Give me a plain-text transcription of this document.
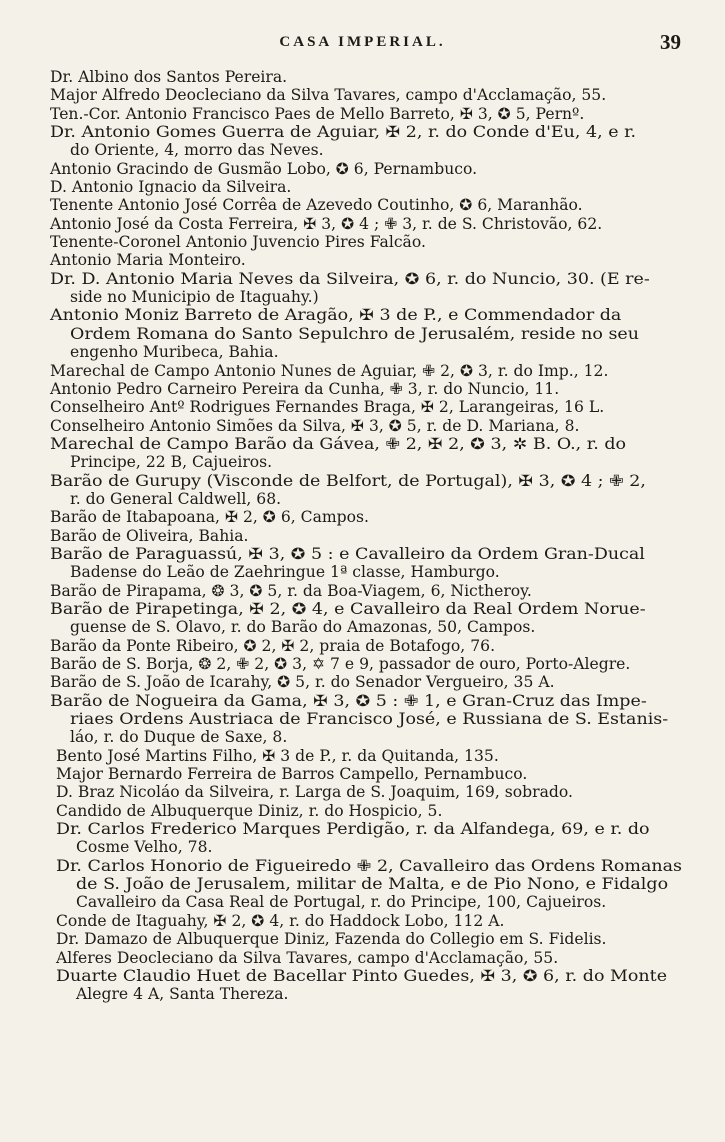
CASA IMPERIAL.	39
Dr. Albino dos Santos Pereira.
Major Alfredo Deocleciano da Silva Tavares, campo d'Acclamação, 55.
Ten.-Cor. Antonio Francisco Paes de Mello Barreto, ✠ 3, ✪ 5, Pernº.
Dr. Antonio Gomes Guerra de Aguiar, ✠ 2, r. do Conde d'Eu, 4, e r.
do Oriente, 4, morro das Neves.
Antonio Gracindo de Gusmão Lobo, ✪ 6, Pernambuco.
D. Antonio Ignacio da Silveira.
Tenente Antonio José Corrêa de Azevedo Coutinho, ✪ 6, Maranhão.
Antonio José da Costa Ferreira, ✠ 3, ✪ 4 ; ✙ 3, r. de S. Christovão, 62.
Tenente-Coronel Antonio Juvencio Pires Falcão.
Antonio Maria Monteiro.
Dr. D. Antonio Maria Neves da Silveira, ✪ 6, r. do Nuncio, 30. (E re-
side no Municipio de Itaguahy.)
Antonio Moniz Barreto de Aragão, ✠ 3 de P., e Commendador da
Ordem Romana do Santo Sepulchro de Jerusalém, reside no seu
engenho Muribeca, Bahia.
Marechal de Campo Antonio Nunes de Aguiar, ✙ 2, ✪ 3, r. do Imp., 12.
Antonio Pedro Carneiro Pereira da Cunha, ✙ 3, r. do Nuncio, 11.
Conselheiro Antº Rodrigues Fernandes Braga, ✠ 2, Larangeiras, 16 L.
Conselheiro Antonio Simões da Silva, ✠ 3, ✪ 5, r. de D. Mariana, 8.
Marechal de Campo Barão da Gávea, ✙ 2, ✠ 2, ✪ 3, ✲ B. O., r. do
Principe, 22 B, Cajueiros.
Barão de Gurupy (Visconde de Belfort, de Portugal), ✠ 3, ✪ 4 ; ✙ 2,
r. do General Caldwell, 68.
Barão de Itabapoana, ✠ 2, ✪ 6, Campos.
Barão de Oliveira, Bahia.
Barão de Paraguassú, ✠ 3, ✪ 5 : e Cavalleiro da Ordem Gran-Ducal
Badense do Leão de Zaehringue 1ª classe, Hamburgo.
Barão de Pirapama, ❂ 3, ✪ 5, r. da Boa-Viagem, 6, Nictheroy.
Barão de Pirapetinga, ✠ 2, ✪ 4, e Cavalleiro da Real Ordem Norue-
guense de S. Olavo, r. do Barão do Amazonas, 50, Campos.
Barão da Ponte Ribeiro, ✪ 2, ✠ 2, praia de Botafogo, 76.
Barão de S. Borja, ❂ 2, ✙ 2, ✪ 3, ✡ 7 e 9, passador de ouro, Porto-Alegre.
Barão de S. João de Icarahy, ✪ 5, r. do Senador Vergueiro, 35 A.
Barão de Nogueira da Gama, ✠ 3, ✪ 5 : ✙ 1, e Gran-Cruz das Impe-
riaes Ordens Austriaca de Francisco José, e Russiana de S. Estanis-
láo, r. do Duque de Saxe, 8.
Bento José Martins Filho, ✠ 3 de P., r. da Quitanda, 135.
Major Bernardo Ferreira de Barros Campello, Pernambuco.
D. Braz Nicoláo da Silveira, r. Larga de S. Joaquim, 169, sobrado.
Candido de Albuquerque Diniz, r. do Hospicio, 5.
Dr. Carlos Frederico Marques Perdigão, r. da Alfandega, 69, e r. do
Cosme Velho, 78.
Dr. Carlos Honorio de Figueiredo ✙ 2, Cavalleiro das Ordens Romanas
de S. João de Jerusalem, militar de Malta, e de Pio Nono, e Fidalgo
Cavalleiro da Casa Real de Portugal, r. do Principe, 100, Cajueiros.
Conde de Itaguahy, ✠ 2, ✪ 4, r. do Haddock Lobo, 112 A.
Dr. Damazo de Albuquerque Diniz, Fazenda do Collegio em S. Fidelis.
Alferes Deocleciano da Silva Tavares, campo d'Acclamação, 55.
Duarte Claudio Huet de Bacellar Pinto Guedes, ✠ 3, ✪ 6, r. do Monte
Alegre 4 A, Santa Thereza.
